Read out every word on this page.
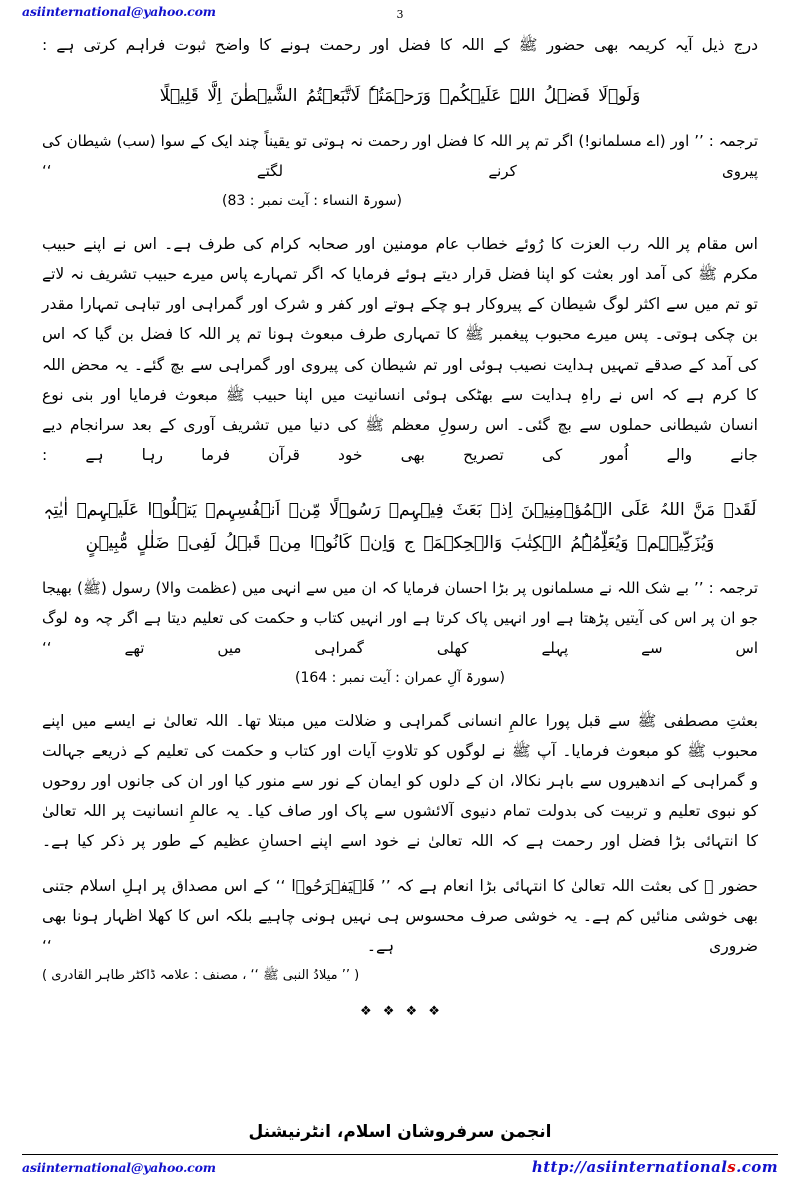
asiinternational@yahoo.com	3

درج ذیل آیہ کریمہ بھی حضور ﷺ کے اللہ کا فضل اور رحمت ہونے کا واضح ثبوت فراہم کرتی ہے :

وَلَوۡلَا فَضۡلُ اللہِ عَلَیۡکُمۡ وَرَحۡمَتُہٗ لَاتَّبَعۡتُمُ الشَّیۡطٰنَ اِلَّا قَلِیۡلًا

ترجمہ : ’’ اور (اے مسلمانو!) اگر تم پر اللہ کا فضل اور رحمت نہ ہوتی تو یقیناً چند ایک کے سوا (سب) شیطان کی پیروی کرنے لگتے ‘‘

(سورۃ النساء : آیت نمبر : 83)

اس مقام پر اللہ رب العزت کا رُوئے خطاب عام مومنین اور صحابہ کرام کی طرف ہے۔ اس نے اپنے حبیب مکرم ﷺ کی آمد اور بعثت کو اپنا فضل قرار دیتے ہوئے فرمایا کہ اگر تمہارے پاس میرے حبیب تشریف نہ لاتے تو تم میں سے اکثر لوگ شیطان کے پیروکار ہو چکے ہوتے اور کفر و شرک اور گمراہی اور تباہی تمہارا مقدر بن چکی ہوتی۔ پس میرے محبوب پیغمبر ﷺ کا تمہاری طرف مبعوث ہونا تم پر اللہ کا فضل بن گیا کہ اس کی آمد کے صدقے تمہیں ہدایت نصیب ہوئی اور تم شیطان کی پیروی اور گمراہی سے بچ گئے۔ یہ محض اللہ کا کرم ہے کہ اس نے راہِ ہدایت سے بھٹکی ہوئی انسانیت میں اپنا حبیب ﷺ مبعوث فرمایا اور بنی نوع انسان شیطانی حملوں سے بچ گئی۔ اس رسولِ معظم ﷺ کی دنیا میں تشریف آوری کے بعد سرانجام دیے جانے والے اُمور کی تصریح بھی خود قرآن فرما رہا ہے :

لَقَدۡ مَنَّ اللہُ عَلَی الۡمُؤۡمِنِیۡنَ اِذۡ بَعَثَ فِیۡہِمۡ رَسُوۡلًا مِّنۡ اَنۡفُسِہِمۡ یَتۡلُوۡا عَلَیۡہِمۡ اٰیٰتِہٖ

وَیُزَکِّیۡہِمۡ وَیُعَلِّمُہُمُ الۡکِتٰبَ وَالۡحِکۡمَۃَ ج وَاِنۡ کَانُوۡا مِنۡ قَبۡلُ لَفِیۡ ضَلٰلٍ مُّبِیۡنٍ

ترجمہ : ’’ بے شک اللہ نے مسلمانوں پر بڑا احسان فرمایا کہ ان میں سے انہی میں (عظمت والا) رسول (ﷺ) بھیجا جو ان پر اس کی آیتیں پڑھتا ہے اور انہیں پاک کرتا ہے اور انہیں کتاب و حکمت کی تعلیم دیتا ہے اگر چہ وہ لوگ اس سے پہلے کھلی گمراہی میں تھے ‘‘

(سورۃ آلِ عمران : آیت نمبر : 164)

بعثتِ مصطفی ﷺ سے قبل پورا عالمِ انسانی گمراہی و ضلالت میں مبتلا تھا۔ اللہ تعالیٰ نے ایسے میں اپنے محبوب ﷺ کو مبعوث فرمایا۔ آپ ﷺ نے لوگوں کو تلاوتِ آیات اور کتاب و حکمت کی تعلیم کے ذریعے جہالت و گمراہی کے اندھیروں سے باہر نکالا، ان کے دلوں کو ایمان کے نور سے منور کیا اور ان کی جانوں اور روحوں کو نبوی تعلیم و تربیت کی بدولت تمام دنیوی آلائشوں سے پاک اور صاف کیا۔ یہ عالمِ انسانیت پر اللہ تعالیٰ کا انتہائی بڑا فضل اور رحمت ہے کہ اللہ تعالیٰ نے خود اسے اپنے احسانِ عظیم کے طور پر ذکر کیا ہے۔

حضور ﷺ کی بعثت اللہ تعالیٰ کا انتہائی بڑا انعام ہے کہ ’’ فَلۡیَفۡرَحُوۡا ‘‘ کے اس مصداق پر اہلِ اسلام جتنی بھی خوشی منائیں کم ہے۔ یہ خوشی صرف محسوس ہی نہیں ہونی چاہیے بلکہ اس کا کھلا اظہار ہونا بھی ضروری ہے۔ ‘‘

( ’’ میلادُ النبی ﷺ ‘‘ ، مصنف : علامہ ڈاکٹر طاہر القادری )

❖ ❖ ❖ ❖
انجمن سرفروشان اسلام، انٹرنیشنل
asiinternational@yahoo.com	http://asiinternationals.com
